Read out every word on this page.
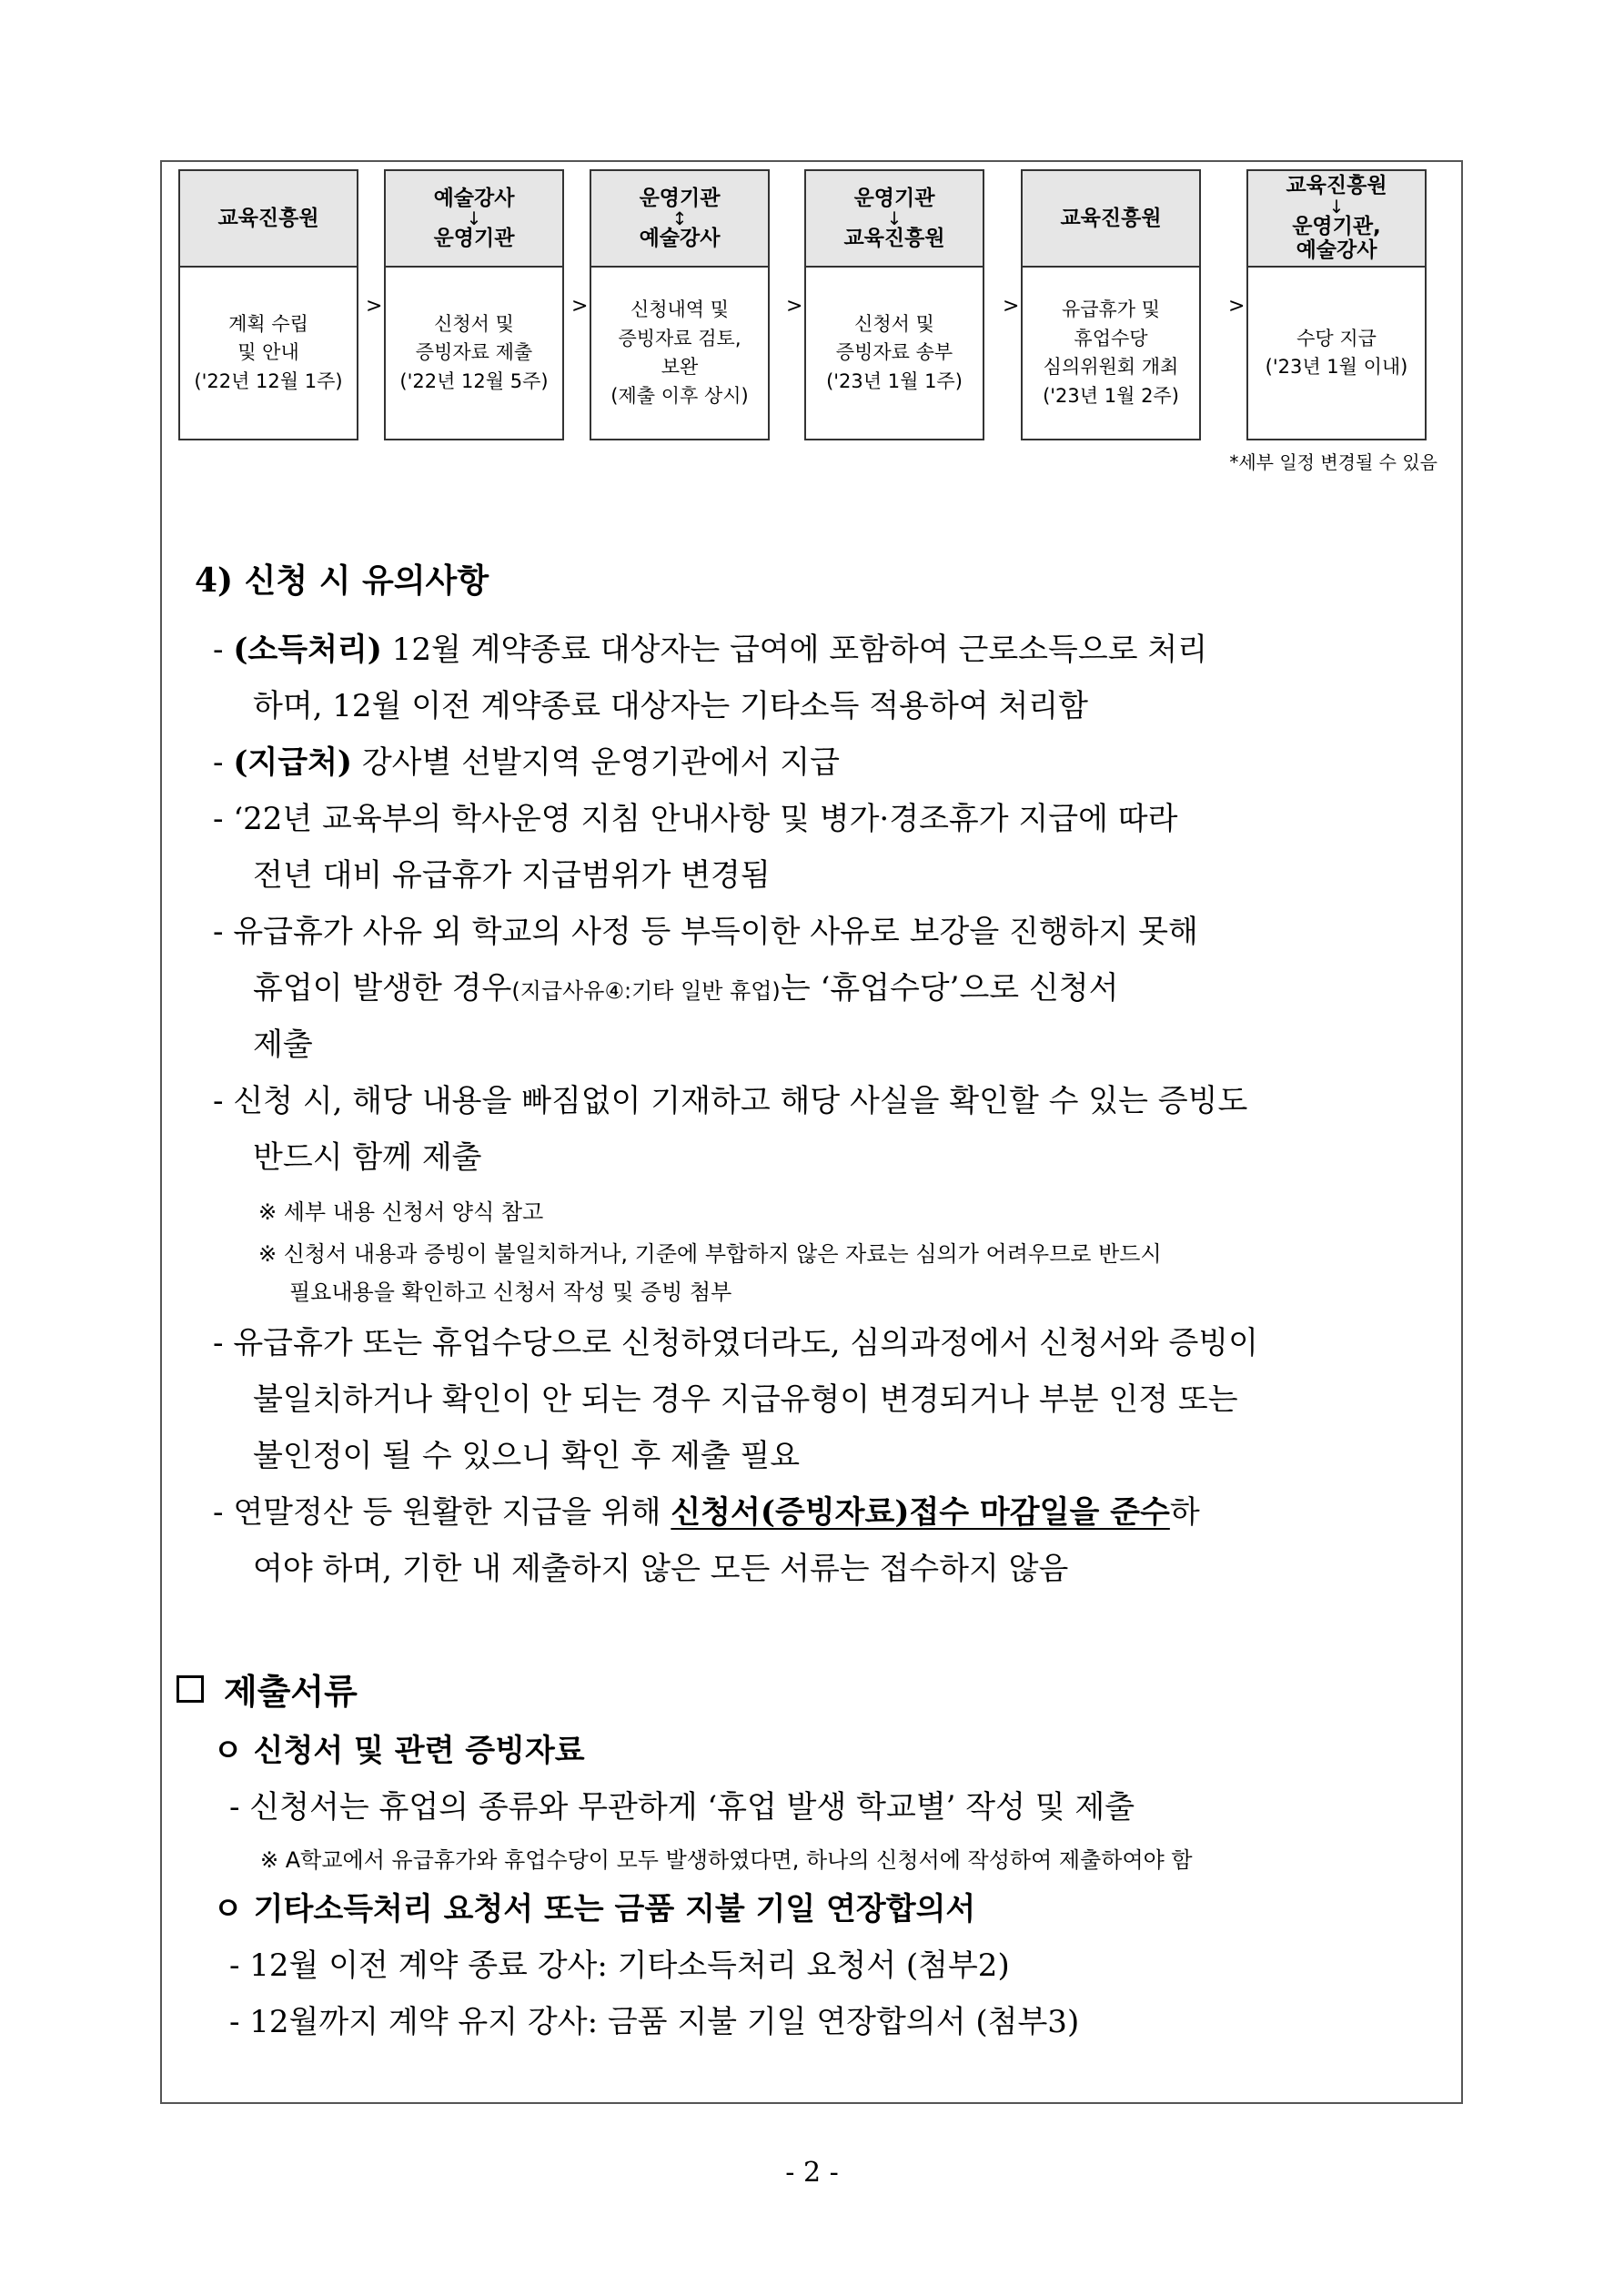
교육진흥원
계획 수립
및 안내
('22년 12월 1주)
>
예술강사
↓
운영기관
신청서 및
증빙자료 제출
('22년 12월 5주)
>
운영기관
↕
예술강사
신청내역 및
증빙자료 검토,
보완
(제출 이후 상시)
>
운영기관
↓
교육진흥원
신청서 및
증빙자료 송부
('23년 1월 1주)
>
교육진흥원
유급휴가 및
휴업수당
심의위원회 개최
('23년 1월 2주)
>
교육진흥원
↓
운영기관,
예술강사
수당 지급
('23년 1월 이내)
*세부 일정 변경될 수 있음
4) 신청 시 유의사항
- (소득처리) 12월 계약종료 대상자는 급여에 포함하여 근로소득으로 처리
하며, 12월 이전 계약종료 대상자는 기타소득 적용하여 처리함
- (지급처) 강사별 선발지역 운영기관에서 지급
- ‘22년 교육부의 학사운영 지침 안내사항 및 병가·경조휴가 지급에 따라
전년 대비 유급휴가 지급범위가 변경됨
- 유급휴가 사유 외 학교의 사정 등 부득이한 사유로 보강을 진행하지 못해
휴업이 발생한 경우(지급사유④:기타 일반 휴업)는 ‘휴업수당’으로 신청서
제출
- 신청 시, 해당 내용을 빠짐없이 기재하고 해당 사실을 확인할 수 있는 증빙도
반드시 함께 제출
※ 세부 내용 신청서 양식 참고
※ 신청서 내용과 증빙이 불일치하거나, 기준에 부합하지 않은 자료는 심의가 어려우므로 반드시
필요내용을 확인하고 신청서 작성 및 증빙 첨부
- 유급휴가 또는 휴업수당으로 신청하였더라도, 심의과정에서 신청서와 증빙이
불일치하거나 확인이 안 되는 경우 지급유형이 변경되거나 부분 인정 또는
불인정이 될 수 있으니 확인 후 제출 필요
- 연말정산 등 원활한 지급을 위해 신청서(증빙자료)접수 마감일을 준수하
여야 하며, 기한 내 제출하지 않은 모든 서류는 접수하지 않음
제출서류
ㅇ 신청서 및 관련 증빙자료
- 신청서는 휴업의 종류와 무관하게 ‘휴업 발생 학교별’ 작성 및 제출
※ A학교에서 유급휴가와 휴업수당이 모두 발생하였다면, 하나의 신청서에 작성하여 제출하여야 함
ㅇ 기타소득처리 요청서 또는 금품 지불 기일 연장합의서
- 12월 이전 계약 종료 강사: 기타소득처리 요청서 (첨부2)
- 12월까지 계약 유지 강사: 금품 지불 기일 연장합의서 (첨부3)
- 2 -
